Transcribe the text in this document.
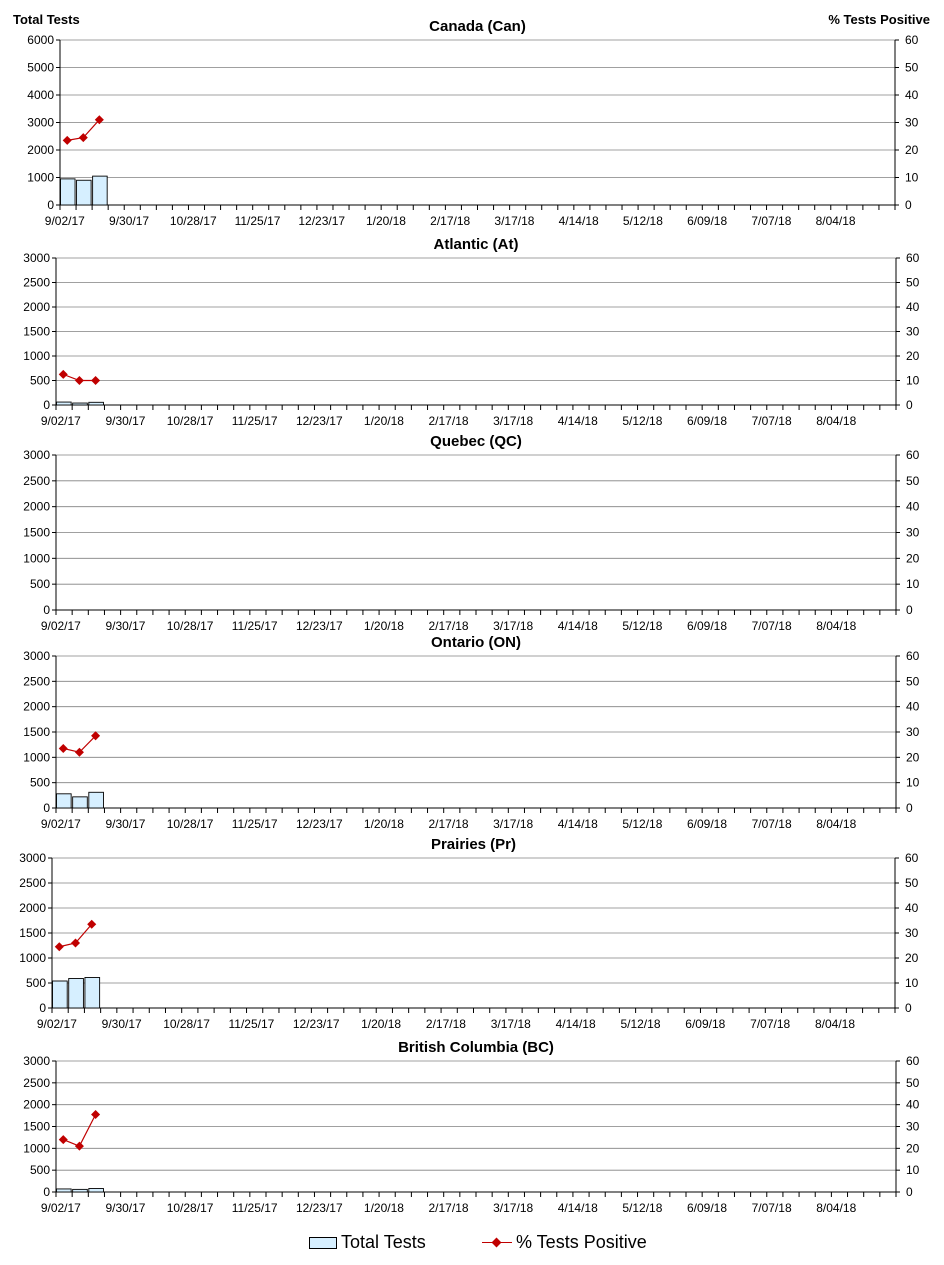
Total Tests	% Tests Positive
0
1000
2000
3000
4000
5000
6000
0
10
20
30
40
50
60
9/02/17 9/30/17 10/28/17 11/25/17 12/23/17 1/20/18 2/17/18 3/17/18 4/14/18 5/12/18 6/09/18 7/07/18 8/04/18
Canada (Can)
0
500
1000
1500
2000
2500
3000
0
10
20
30
40
50
60
9/02/17 9/30/17 10/28/17 11/25/17 12/23/17 1/20/18 2/17/18 3/17/18 4/14/18 5/12/18 6/09/18 7/07/18 8/04/18
Atlantic (At)
0
500
1000
1500
2000
2500
3000
0
10
20
30
40
50
60
9/02/17 9/30/17 10/28/17 11/25/17 12/23/17 1/20/18 2/17/18 3/17/18 4/14/18 5/12/18 6/09/18 7/07/18 8/04/18
Quebec (QC)
0
500
1000
1500
2000
2500
3000
0
10
20
30
40
50
60
9/02/17 9/30/17 10/28/17 11/25/17 12/23/17 1/20/18 2/17/18 3/17/18 4/14/18 5/12/18 6/09/18 7/07/18 8/04/18
Ontario (ON)
0
500
1000
1500
2000
2500
3000
0
10
20
30
40
50
60
9/02/17 9/30/17 10/28/17 11/25/17 12/23/17 1/20/18 2/17/18 3/17/18 4/14/18 5/12/18 6/09/18 7/07/18 8/04/18
Prairies (Pr)
0
500
1000
1500
2000
2500
3000
0
10
20
30
40
50
60
9/02/17 9/30/17 10/28/17 11/25/17 12/23/17 1/20/18 2/17/18 3/17/18 4/14/18 5/12/18 6/09/18 7/07/18 8/04/18
British Columbia (BC)
Total Tests	% Tests Positive
